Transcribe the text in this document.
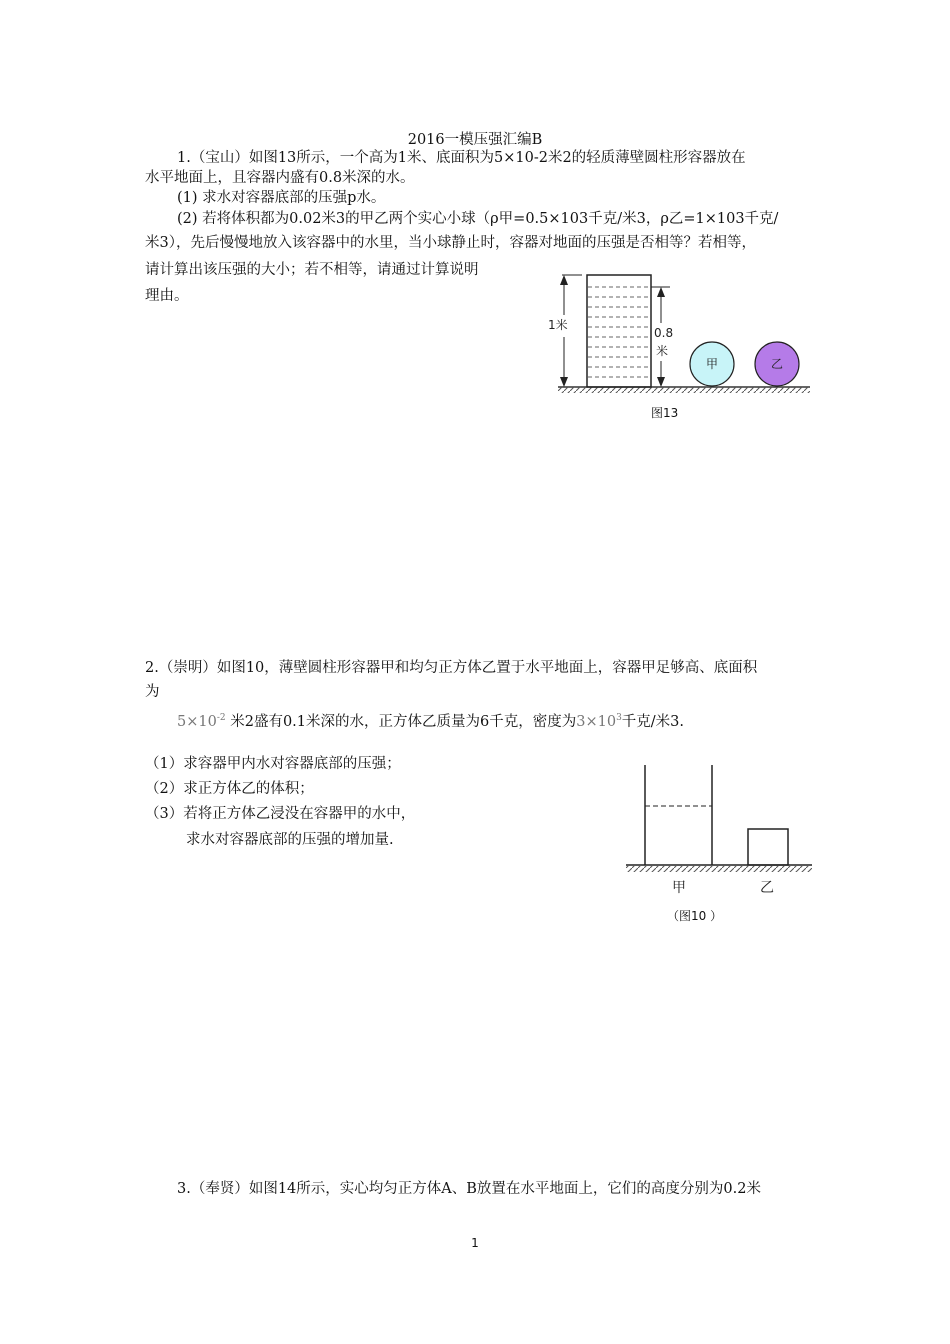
2016一模压强汇编B
1.（宝山）如图13所示，一个高为1米、底面积为5×10-2米2的轻质薄壁圆柱形容器放在
水平地面上，且容器内盛有0.8米深的水。
(1) 求水对容器底部的压强p水。
(2) 若将体积都为0.02米3的甲乙两个实心小球（ρ甲=0.5×103千克/米3，ρ乙=1×103千克/
米3），先后慢慢地放入该容器中的水里，当小球静止时，容器对地面的压强是否相等？若相等，
请计算出该压强的大小；若不相等，请通过计算说明
理由。
1米
0.8
米
甲	乙
图13
2.（崇明）如图10，薄壁圆柱形容器甲和均匀正方体乙置于水平地面上，容器甲足够高、底面积
为
$5\times 10^{-2}$ 米2盛有0.1米深的水，正方体乙质量为6千克，密度为$3\times 10^3$千克/米3.
（1）求容器甲内水对容器底部的压强；
（2）求正方体乙的体积；
（3）若将正方体乙浸没在容器甲的水中，
求水对容器底部的压强的增加量.
甲	乙
（图10 ）
3.（奉贤）如图14所示，实心均匀正方体A、B放置在水平地面上，它们的高度分别为0.2米
1
